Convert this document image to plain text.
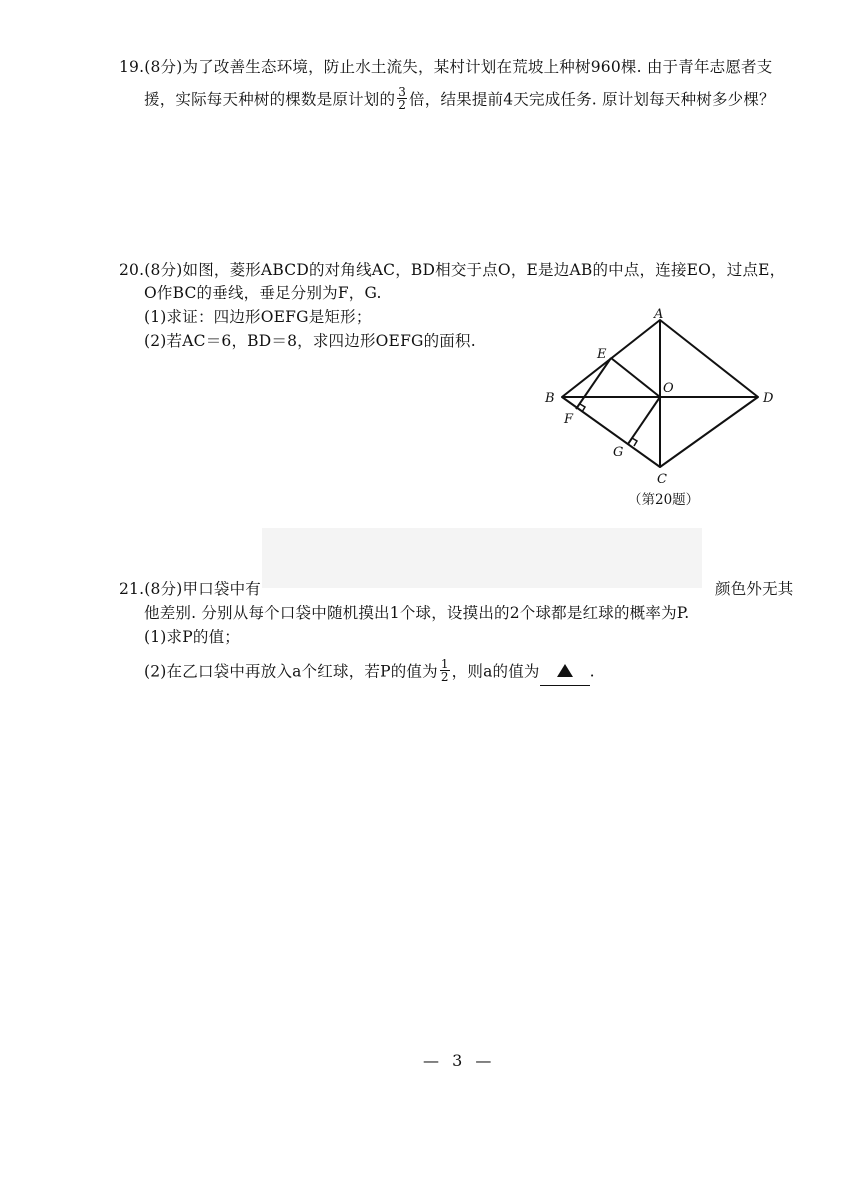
19.(8分)为了改善生态环境，防止水土流失，某村计划在荒坡上种树960棵. 由于青年志愿者支
援，实际每天种树的棵数是原计划的 $\frac{3}{2}$ 倍，结果提前4天完成任务. 原计划每天种树多少棵？
20.(8分)如图，菱形ABCD的对角线AC，BD相交于点O，E是边AB的中点，连接EO，过点E，
O作BC的垂线，垂足分别为F，G.
(1)求证：四边形OEFG是矩形；
(2)若AC＝6，BD＝8，求四边形OEFG的面积.
A
B
C
D
E
F
G
O
（第20题）
21.(8分)甲口袋中有	颜色外无其
他差别. 分别从每个口袋中随机摸出1个球，设摸出的2个球都是红球的概率为P.
(1)求P的值；
(2)在乙口袋中再放入a个红球，若P的值为 $\frac{1}{2}$ ，则a的值为	.
— 3 —
